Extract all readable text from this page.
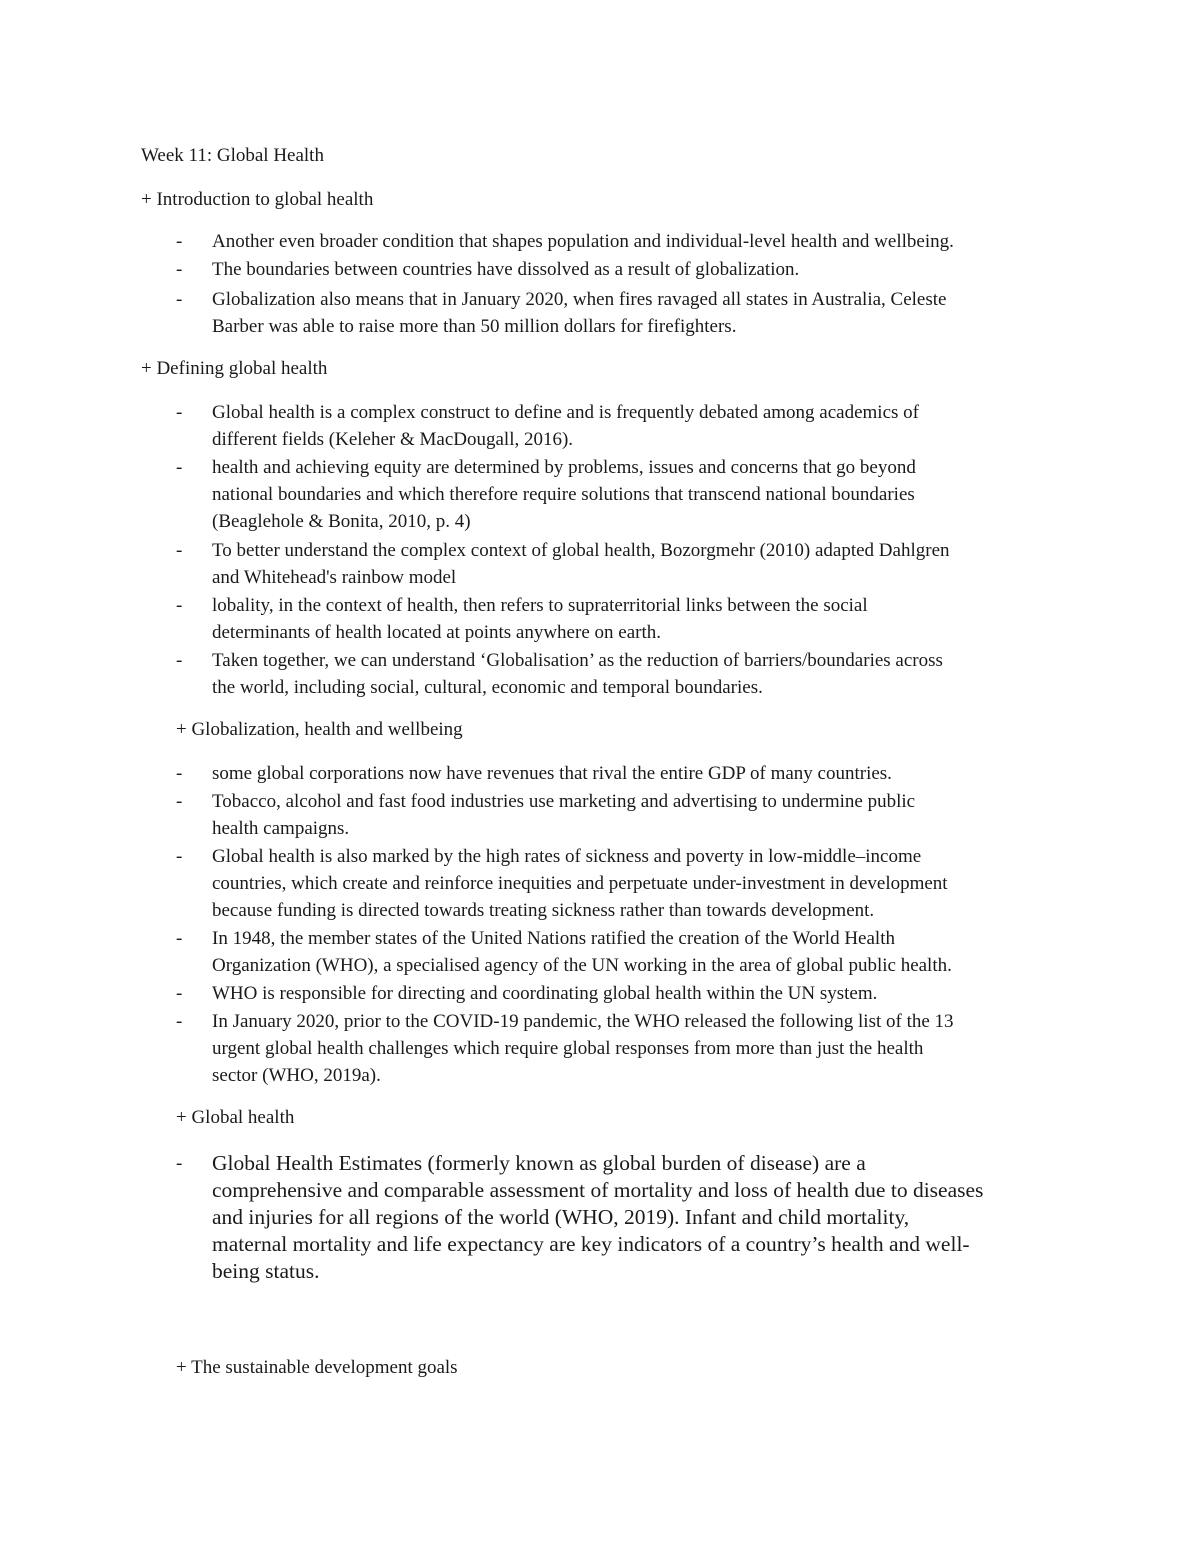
Week 11: Global Health
+ Introduction to global health
- Another even broader condition that shapes population and individual-level health and wellbeing.
- The boundaries between countries have dissolved as a result of globalization.
- Globalization also means that in January 2020, when fires ravaged all states in Australia, Celeste
Barber was able to raise more than 50 million dollars for firefighters.
+ Defining global health
- Global health is a complex construct to define and is frequently debated among academics of
different fields (Keleher & MacDougall, 2016).
- health and achieving equity are determined by problems, issues and concerns that go beyond
national boundaries and which therefore require solutions that transcend national boundaries
(Beaglehole & Bonita, 2010, p. 4)
- To better understand the complex context of global health, Bozorgmehr (2010) adapted Dahlgren
and Whitehead's rainbow model
- lobality, in the context of health, then refers to supraterritorial links between the social
determinants of health located at points anywhere on earth.
- Taken together, we can understand ‘Globalisation’ as the reduction of barriers/boundaries across
the world, including social, cultural, economic and temporal boundaries.
+ Globalization, health and wellbeing
- some global corporations now have revenues that rival the entire GDP of many countries.
- Tobacco, alcohol and fast food industries use marketing and advertising to undermine public
health campaigns.
- Global health is also marked by the high rates of sickness and poverty in low-middle–income
countries, which create and reinforce inequities and perpetuate under-investment in development
because funding is directed towards treating sickness rather than towards development.
- In 1948, the member states of the United Nations ratified the creation of the World Health
Organization (WHO), a specialised agency of the UN working in the area of global public health.
- WHO is responsible for directing and coordinating global health within the UN system.
- In January 2020, prior to the COVID-19 pandemic, the WHO released the following list of the 13
urgent global health challenges which require global responses from more than just the health
sector (WHO, 2019a).
+ Global health
- Global Health Estimates (formerly known as global burden of disease) are a
comprehensive and comparable assessment of mortality and loss of health due to diseases
and injuries for all regions of the world (WHO, 2019). Infant and child mortality,
maternal mortality and life expectancy are key indicators of a country’s health and well-
being status.
+ The sustainable development goals
